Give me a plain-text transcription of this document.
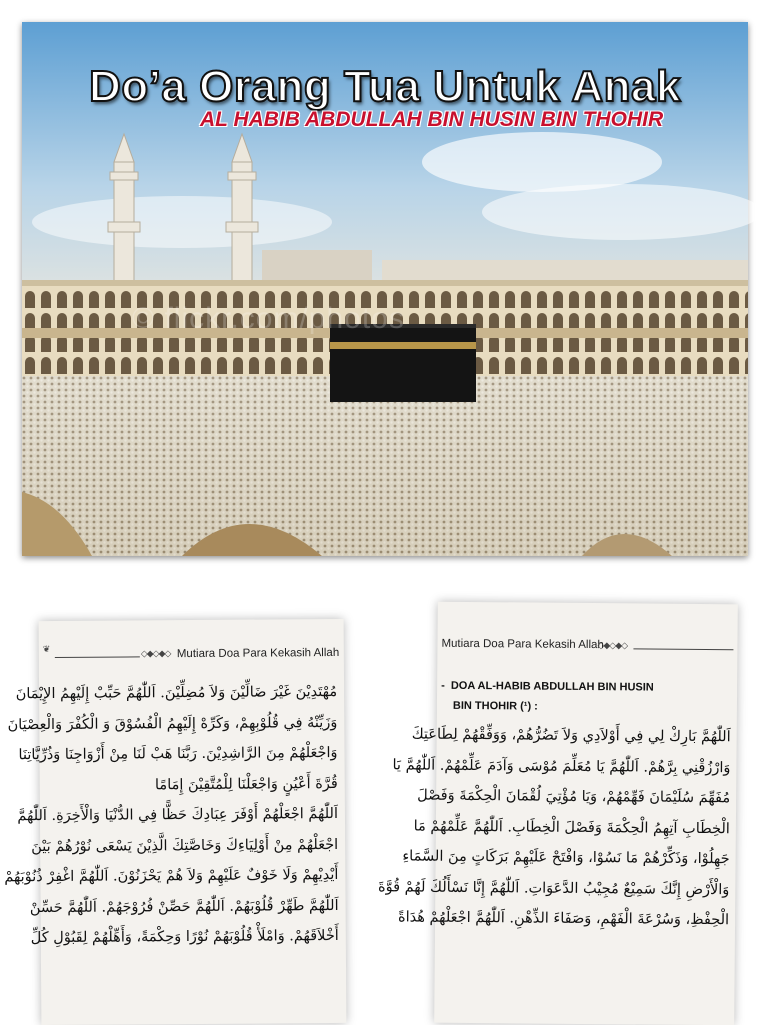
Do’a Orang Tua Untuk Anak
AL HABIB ABDULLAH BIN HUSIN BIN THOHIR
© flickr.com/photos
❦	◇◆◇◆◇ Mutiara Doa Para Kekasih Allah
مُهْتَدِيْنَ غَيْرَ ضَالِّيْنَ وَلاَ مُضِلِّيْنَ. اَللّٰهُمَّ حَبِّبْ إِلَيْهِمُ الإِيْمَانَ
وَزَيِّنْهُ فِي قُلُوْبِهِمْ، وَكَرِّهْ إِلَيْهِمُ الْفُسُوْقَ وَ الْكُفْرَ وَالْعِصْيَانَ
وَاجْعَلْهُمْ مِنَ الرَّاشِدِيْنَ. رَبَّنَا هَبْ لَنَا مِنْ أَزْوَاجِنَا وَذُرِّيَّاتِنَا
قُرَّةَ أَعْيُنٍ وَاجْعَلْنَا لِلْمُتَّقِيْنَ إِمَامًا
اَللّٰهُمَّ اجْعَلْهُمْ أَوْفَرَ عِبَادِكَ حَظًّا فِي الدُّنْيَا وَالْأَخِرَةِ. اَللّٰهُمَّ
اجْعَلْهُمْ مِنْ أَوْلِيَاءِكَ وَخَاصَّتِكَ الَّذِيْنَ يَسْعَى نُوْرُهُمْ بَيْنَ
أَيْدِيْهِمْ وَلَا خَوْفٌ عَلَيْهِمْ وَلاَ هُمْ يَحْزَنُوْنَ. اَللّٰهُمَّ اغْفِرْ ذُنُوْبَهُمْ
اَللّٰهُمَّ طَهِّرْ قُلُوْبَهُمْ. اَللّٰهُمَّ حَصِّنْ فُرُوْجَهُمْ. اَللّٰهُمَّ حَسِّنْ
أَخْلاَقَهُمْ. وَامْلَأْ قُلُوْبَهُمْ نُوْرًا وَحِكْمَةً، وَأَهِّلْهُمْ لِقَبُوْلِ كُلِّ
Mutiara Doa Para Kekasih Allah
◇◆◇◆◇
-  DOA AL-HABIB ABDULLAH BIN HUSIN
BIN THOHIR (¹) :
اَللّٰهُمَّ بَارِكْ لِي فِي أَوْلاَدِي وَلاَ تَضُرُّهُمْ، وَوَفِّقْهُمْ لِطَاعَتِكَ
وَارْزُقْنِي بِرَّهُمْ. اَللّٰهُمَّ يَا مُعَلِّمَ مُوْسَى وَآدَمَ عَلِّمْهُمْ. اَللّٰهُمَّ يَا
مُفَهِّمَ سُلَيْمَانَ فَهِّمْهُمْ، وَيَا مُؤْتِيَ لُقْمَانَ الْحِكْمَةَ وَفَصْلَ
الْخِطَابِ آتِهِمُ الْحِكْمَةَ وَفَصْلَ الْخِطَابِ. اَللّٰهُمَّ عَلِّمْهُمْ مَا
جَهِلُوْا، وَذَكِّرْهُمْ مَا نَسُوْا، وَافْتَحْ عَلَيْهِمْ بَرَكَاتٍ مِنَ السَّمَاءِ
وَالْأَرْضِ إِنَّكَ سَمِيْعٌ مُجِيْبُ الدَّعَوَاتِ. اَللّٰهُمَّ إِنَّا نَسْأَلُكَ لَهُمْ قُوَّةَ
الْحِفْظِ، وَسُرْعَةَ الْفَهْمِ، وَصَفَاءَ الذِّهْنِ. اَللّٰهُمَّ اجْعَلْهُمْ هُدَاةً
